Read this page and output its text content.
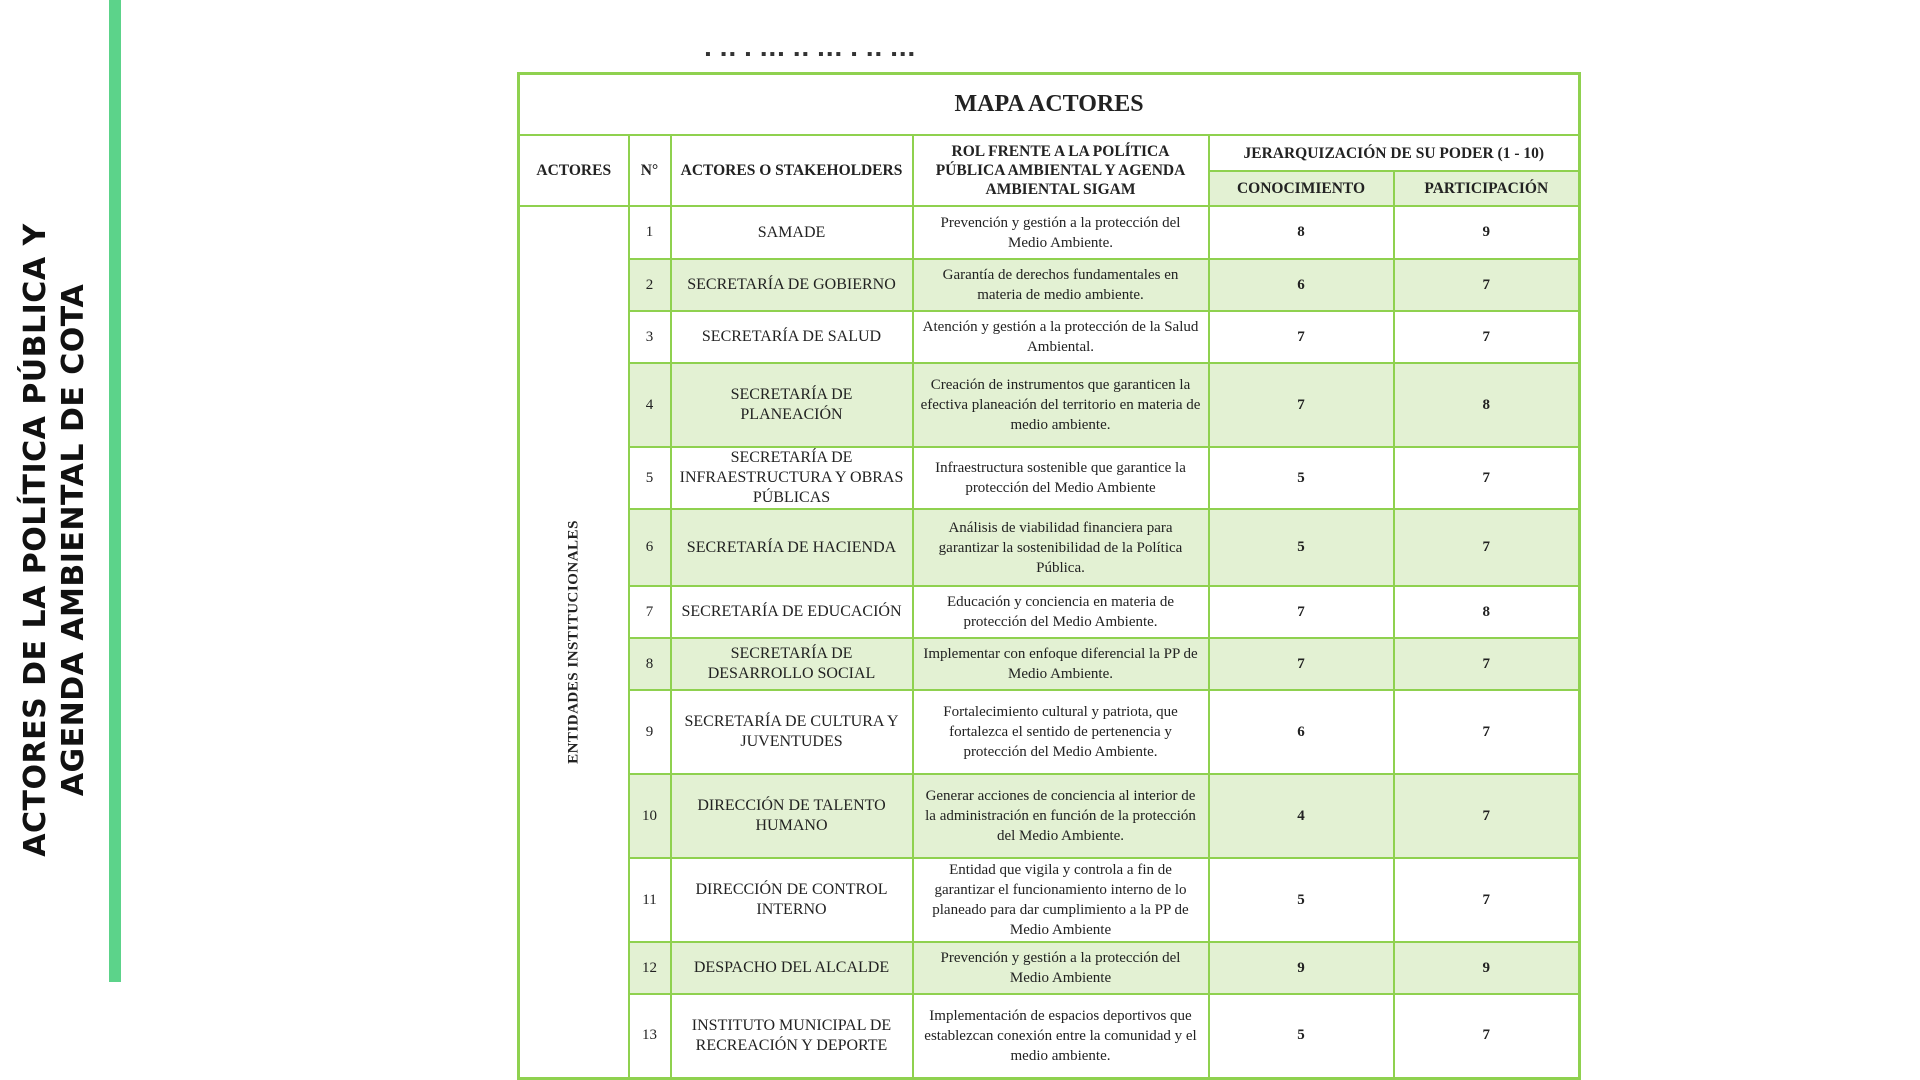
ACTORES DE LA POLÍTICA PÚBLICA Y AGENDA AMBIENTAL DE COTA
▪ ▪▪ ▪ ▪▪▪ ▪▪ ▪▪▪ ▪ ▪▪ ▪▪▪
MAPA ACTORES					
ACTORES	N°	ACTORES O STAKEHOLDERS	ROL FRENTE A LA POLÍTICA PÚBLICA AMBIENTAL Y AGENDA AMBIENTAL SIGAM	JERARQUIZACIÓN DE SU PODER (1 - 10)	
				CONOCIMIENTO	PARTICIPACIÓN

ENTIDADES INSTITUCIONALES	1	SAMADE	Prevención y gestión a la protección del Medio Ambiente.	8	9
	2	SECRETARÍA DE GOBIERNO	Garantía de derechos fundamentales en materia de medio ambiente.	6	7
	3	SECRETARÍA DE SALUD	Atención y gestión a la protección de la Salud Ambiental.	7	7
	4	SECRETARÍA DE PLANEACIÓN	Creación de instrumentos que garanticen la efectiva planeación del territorio en materia de medio ambiente.	7	8
	5	SECRETARÍA DE INFRAESTRUCTURA Y OBRAS PÚBLICAS	Infraestructura sostenible que garantice la protección del Medio Ambiente	5	7
	6	SECRETARÍA DE HACIENDA	Análisis de viabilidad financiera para garantizar la sostenibilidad de la Política Pública.	5	7
	7	SECRETARÍA DE EDUCACIÓN	Educación y conciencia en materia de protección del Medio Ambiente.	7	8
	8	SECRETARÍA DE DESARROLLO SOCIAL	Implementar con enfoque diferencial la PP de Medio Ambiente.	7	7
	9	SECRETARÍA DE CULTURA Y JUVENTUDES	Fortalecimiento cultural y patriota, que fortalezca el sentido de pertenencia y protección del Medio Ambiente.	6	7
	10	DIRECCIÓN DE TALENTO HUMANO	Generar acciones de conciencia al interior de la administración en función de la protección del Medio Ambiente.	4	7
	11	DIRECCIÓN DE CONTROL INTERNO	Entidad que vigila y controla a fin de garantizar el funcionamiento interno de lo planeado para dar cumplimiento a la PP de Medio Ambiente	5	7
	12	DESPACHO DEL ALCALDE	Prevención y gestión a la protección del Medio Ambiente	9	9
	13	INSTITUTO MUNICIPAL DE RECREACIÓN Y DEPORTE	Implementación de espacios deportivos que establezcan conexión entre la comunidad y el medio ambiente.	5	7
